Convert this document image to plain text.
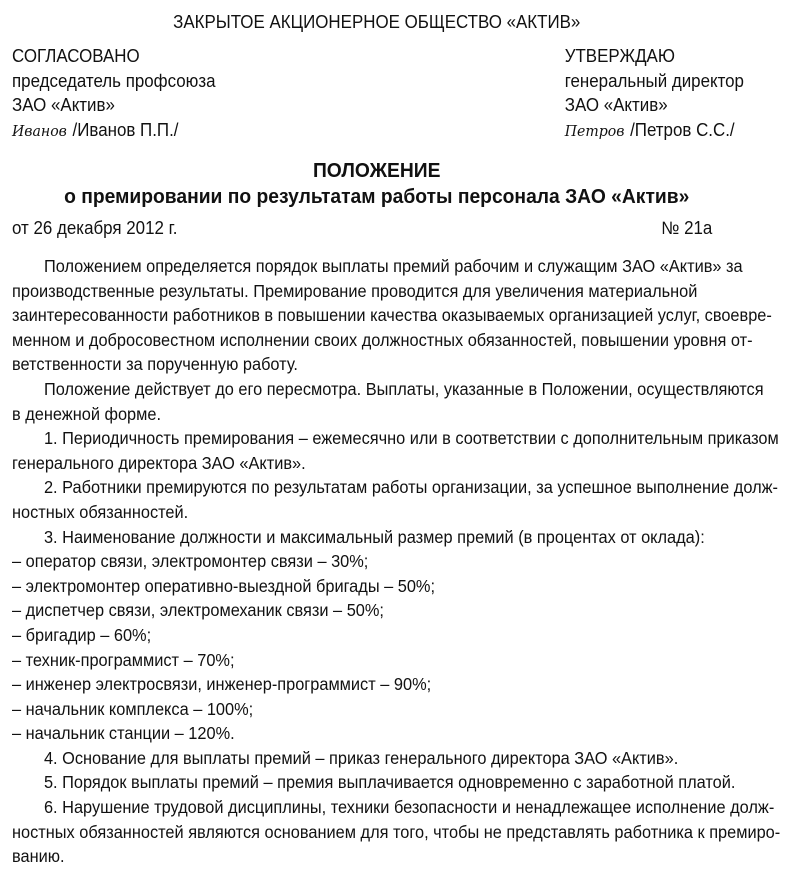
ЗАКРЫТОЕ АКЦИОНЕРНОЕ ОБЩЕСТВО «АКТИВ»
СОГЛАСОВАНО
председатель профсоюза
ЗАО «Актив»
Иванов /Иванов П.П./
УТВЕРЖДАЮ
генеральный директор
ЗАО «Актив»
Петров /Петров С.С./
ПОЛОЖЕНИЕ
о премировании по результатам работы персонала ЗАО «Актив»
от 26 декабря 2012 г.	№ 21а
Положением определяется порядок выплаты премий рабочим и служащим ЗАО «Актив» за
производственные результаты. Премирование проводится для увеличения материальной
заинтересованности работников в повышении качества оказываемых организацией услуг, своевре-
менном и добросовестном исполнении своих должностных обязанностей, повышении уровня от-
ветственности за порученную работу.
Положение действует до его пересмотра. Выплаты, указанные в Положении, осуществляются
в денежной форме.
1. Периодичность премирования – ежемесячно или в соответствии с дополнительным приказом
генерального директора ЗАО «Актив».
2. Работники премируются по результатам работы организации, за успешное выполнение долж-
ностных обязанностей.
3. Наименование должности и максимальный размер премий (в процентах от оклада):
– оператор связи, электромонтер связи – 30%;
– электромонтер оперативно-выездной бригады – 50%;
– диспетчер связи, электромеханик связи – 50%;
– бригадир – 60%;
– техник-программист – 70%;
– инженер электросвязи, инженер-программист – 90%;
– начальник комплекса – 100%;
– начальник станции – 120%.
4. Основание для выплаты премий – приказ генерального директора ЗАО «Актив».
5. Порядок выплаты премий – премия выплачивается одновременно с заработной платой.
6. Нарушение трудовой дисциплины, техники безопасности и ненадлежащее исполнение долж-
ностных обязанностей являются основанием для того, чтобы не представлять работника к премиро-
ванию.
